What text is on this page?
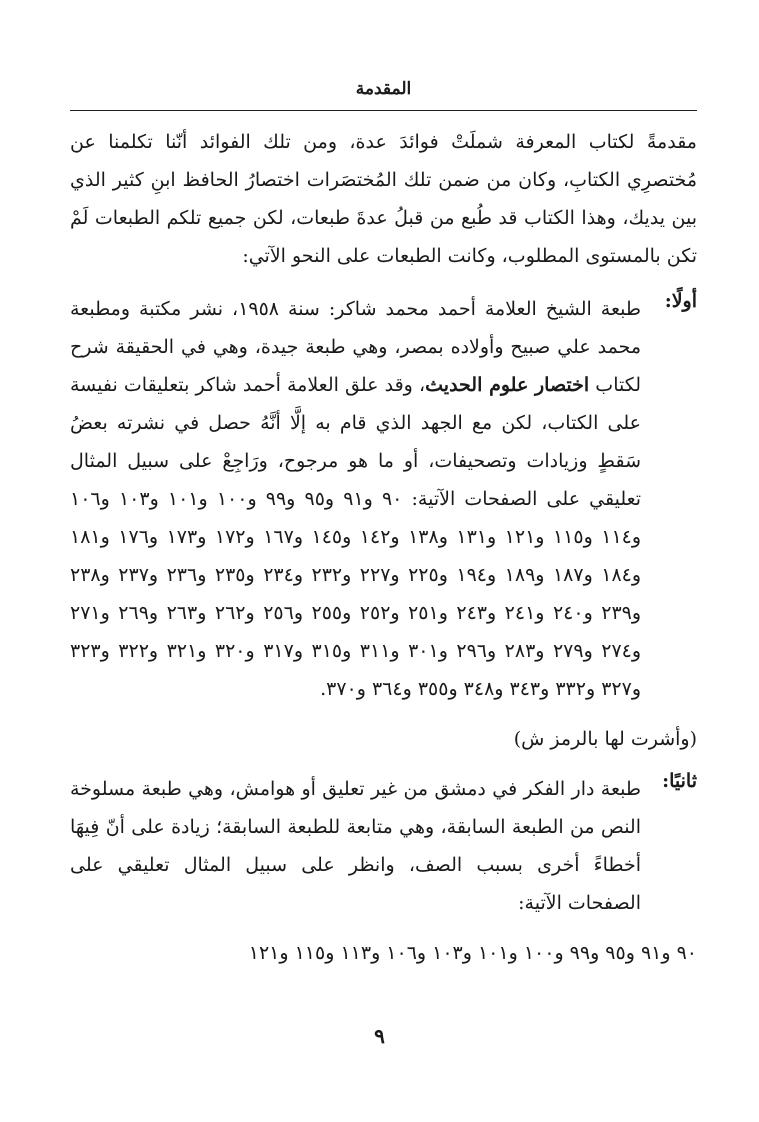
المقدمة

مقدمةً لكتاب المعرفة شملَتْ فوائدَ عدة، ومن تلك الفوائد أنّنا تكلمنا عن مُختصرِي الكتابِ، وكان من ضمن تلك المُختصَرات اختصارُ الحافظ ابنِ كثير الذي بين يديك، وهذا الكتاب قد طُبع من قبلُ عدةَ طبعات، لكن جميع تلكم الطبعات لَمْ تكن بالمستوى المطلوب، وكانت الطبعات على النحو الآتي:

أولًا:

طبعة الشيخ العلامة أحمد محمد شاكر: سنة ١٩٥٨، نشر مكتبة ومطبعة محمد علي صبيح وأولاده بمصر، وهي طبعة جيدة، وهي في الحقيقة شرح لكتاب اختصار علوم الحديث، وقد علق العلامة أحمد شاكر بتعليقات نفيسة على الكتاب، لكن مع الجهد الذي قام به إلَّا أنَّهُ حصل في نشرته بعضُ سَقطٍ وزيادات وتصحيفات، أو ما هو مرجوح، ورَاجِعْ على سبيل المثال تعليقي على الصفحات الآتية: ٩٠ و٩١ و٩٥ و٩٩ و١٠٠ و١٠١ و١٠٣ و١٠٦ و١١٤ و١١٥ و١٢١ و١٣١ و١٣٨ و١٤٢ و١٤٥ و١٦٧ و١٧٢ و١٧٣ و١٧٦ و١٨١ و١٨٤ و١٨٧ و١٨٩ و١٩٤ و٢٢٥ و٢٢٧ و٢٣٢ و٢٣٤ و٢٣٥ و٢٣٦ و٢٣٧ و٢٣٨ و٢٣٩ و٢٤٠ و٢٤١ و٢٤٣ و٢٥١ و٢٥٢ و٢٥٥ و٢٥٦ و٢٦٢ و٢٦٣ و٢٦٩ و٢٧١ و٢٧٤ و٢٧٩ و٢٨٣ و٢٩٦ و٣٠١ و٣١١ و٣١٥ و٣١٧ و٣٢٠ و٣٢١ و٣٢٢ و٣٢٣ و٣٢٧ و٣٣٢ و٣٤٣ و٣٤٨ و٣٥٥ و٣٦٤ و٣٧٠.

(وأشرت لها بالرمز ش)

ثانيًا:

طبعة دار الفكر في دمشق من غير تعليق أو هوامش، وهي طبعة مسلوخة النص من الطبعة السابقة، وهي متابعة للطبعة السابقة؛ زيادة على أنّ فِيهَا أخطاءً أخرى بسبب الصف، وانظر على سبيل المثال تعليقي على الصفحات الآتية:

٩٠ و٩١ و٩٥ و٩٩ و١٠٠ و١٠١ و١٠٣ و١٠٦ و١١٣ و١١٥ و١٢١

٩
